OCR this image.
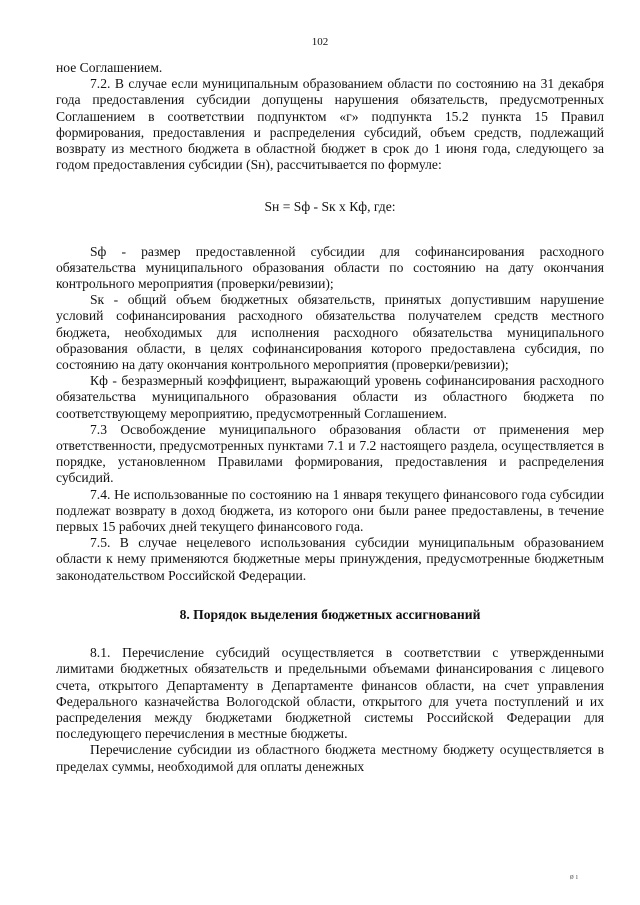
102

ное Соглашением.

7.2. В случае если муниципальным образованием области по состоянию на 31 декабря года предоставления субсидии допущены нарушения обязательств, предусмотренных Соглашением в соответствии подпунктом «г» подпункта 15.2 пункта 15 Правил формирования, предоставления и распределения субсидий, объем средств, подлежащий возврату из местного бюджета в областной бюджет в срок до 1 июня года, следующего за годом предоставления субсидии (Sн), рассчитывается по формуле:

Sн = Sф - Sк х Кф, где:

Sф - размер предоставленной субсидии для софинансирования расходного обязательства муниципального образования области по состоянию на дату окончания контрольного мероприятия (проверки/ревизии);

Sк - общий объем бюджетных обязательств, принятых допустившим нарушение условий софинансирования расходного обязательства получателем средств местного бюджета, необходимых для исполнения расходного обязательства муниципального образования области, в целях софинансирования которого предоставлена субсидия, по состоянию на дату окончания контрольного мероприятия (проверки/ревизии);

Кф - безразмерный коэффициент, выражающий уровень софинансирования расходного обязательства муниципального образования области из областного бюджета по соответствующему мероприятию, предусмотренный Соглашением.

7.3 Освобождение муниципального образования области от применения мер ответственности, предусмотренных пунктами 7.1 и 7.2 настоящего раздела, осуществляется в порядке, установленном Правилами формирования, предоставления и распределения субсидий.

7.4. Не использованные по состоянию на 1 января текущего финансового года субсидии подлежат возврату в доход бюджета, из которого они были ранее предоставлены, в течение первых 15 рабочих дней текущего финансового года.

7.5. В случае нецелевого использования субсидии муниципальным образованием области к нему применяются бюджетные меры принуждения, предусмотренные бюджетным законодательством Российской Федерации.

8. Порядок выделения бюджетных ассигнований

8.1. Перечисление субсидий осуществляется в соответствии с утвержденными лимитами бюджетных обязательств и предельными объемами финансирования с лицевого счета, открытого Департаменту в Департаменте финансов области, на счет управления Федерального казначейства Вологодской области, открытого для учета поступлений и их распределения между бюджетами бюджетной системы Российской Федерации для последующего перечисления в местные бюджеты.

Перечисление субсидии из областного бюджета местному бюджету осуществляется в пределах суммы, необходимой для оплаты денежных

ø ı
